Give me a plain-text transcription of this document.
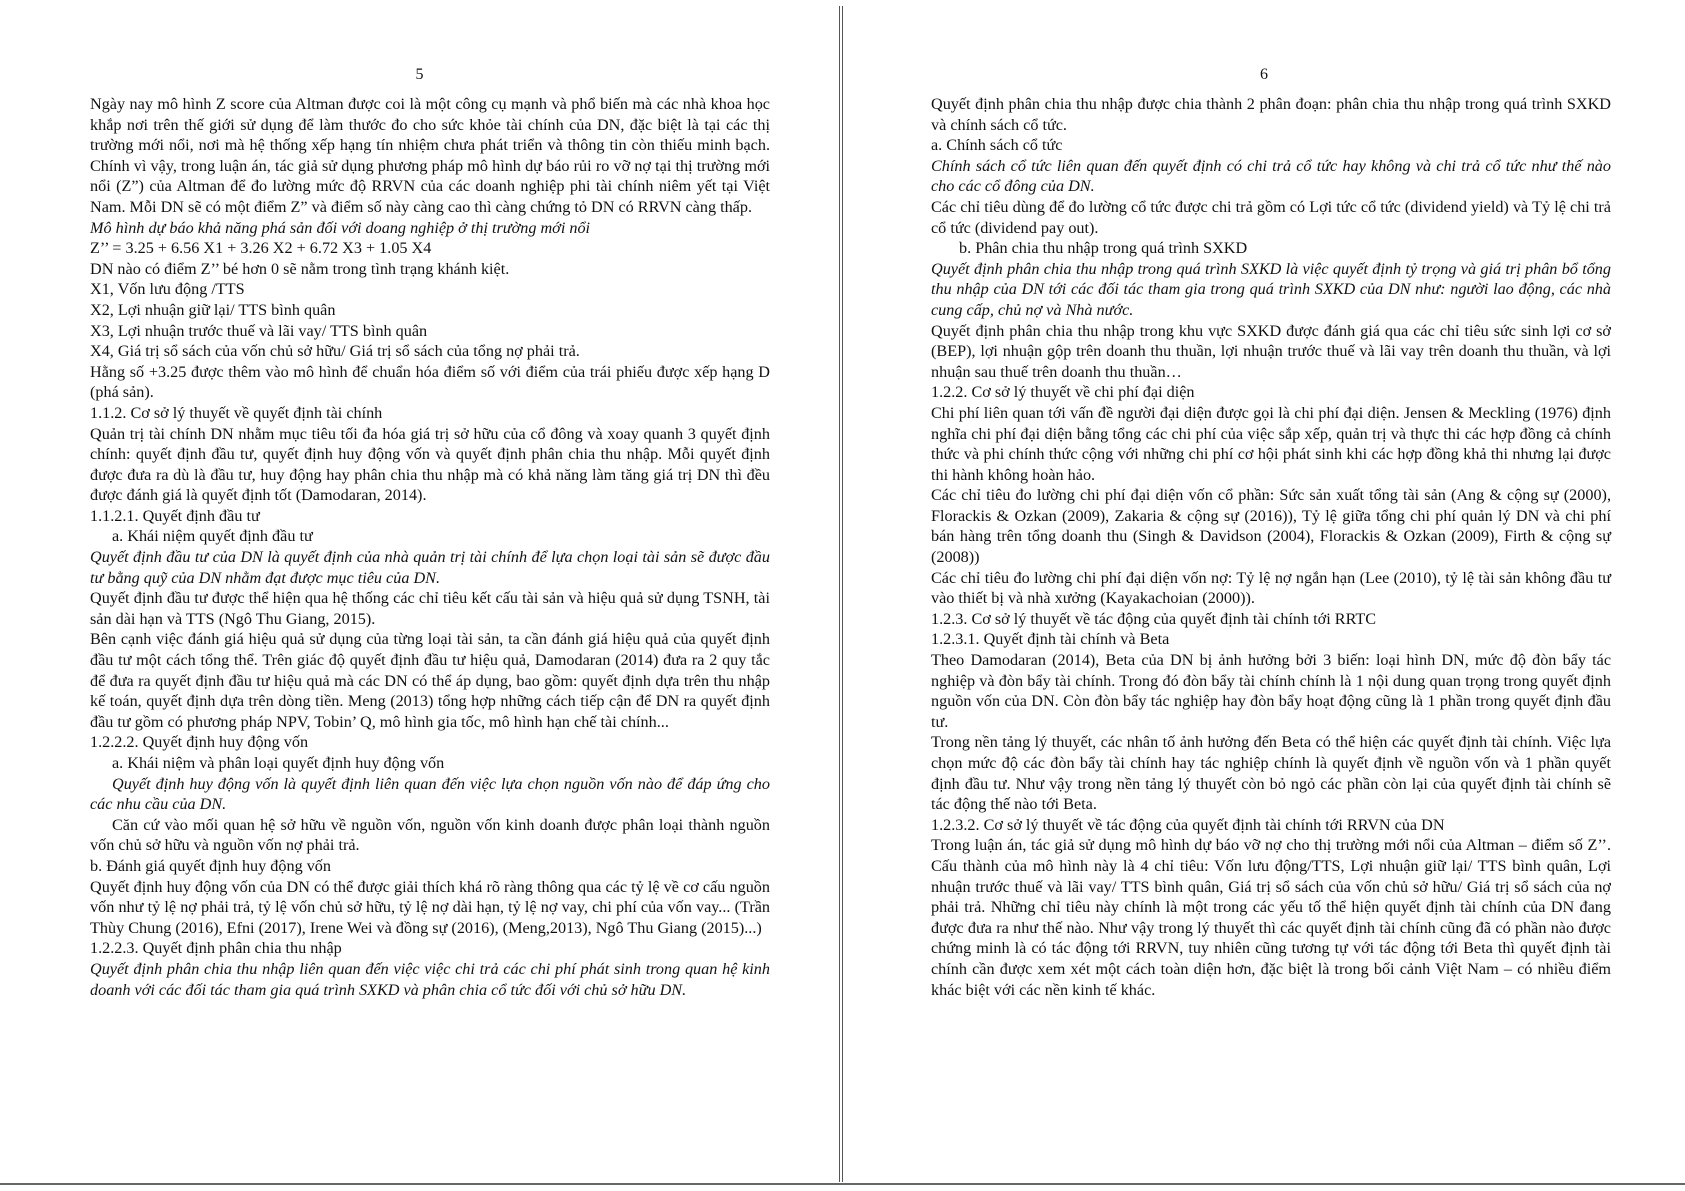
5

Ngày nay mô hình Z score của Altman được coi là một công cụ mạnh và phổ biến mà các nhà khoa học khắp nơi trên thế giới sử dụng để làm thước đo cho sức khỏe tài chính của DN, đặc biệt là tại các thị trường mới nổi, nơi mà hệ thống xếp hạng tín nhiệm chưa phát triển và thông tin còn thiếu minh bạch. Chính vì vậy, trong luận án, tác giả sử dụng phương pháp mô hình dự báo rủi ro vỡ nợ tại thị trường mới nổi (Z”) của Altman để đo lường mức độ RRVN của các doanh nghiệp phi tài chính niêm yết tại Việt Nam. Mỗi DN sẽ có một điểm Z” và điểm số này càng cao thì càng chứng tỏ DN có RRVN càng thấp.

Mô hình dự báo khả năng phá sản đối với doang nghiệp ở thị trường mới nổi

Z’’ = 3.25 + 6.56 X1 + 3.26 X2 + 6.72 X3 + 1.05 X4

DN nào có điểm Z’’ bé hơn 0 sẽ nằm trong tình trạng khánh kiệt.

X1, Vốn lưu động /TTS

X2, Lợi nhuận giữ lại/ TTS bình quân

X3, Lợi nhuận trước thuế và lãi vay/ TTS bình quân

X4, Giá trị sổ sách của vốn chủ sở hữu/ Giá trị sổ sách của tổng nợ phải trả.

Hằng số +3.25 được thêm vào mô hình để chuẩn hóa điểm số với điểm của trái phiếu được xếp hạng D (phá sản).

1.1.2. Cơ sở lý thuyết về quyết định tài chính

Quản trị tài chính DN nhằm mục tiêu tối đa hóa giá trị sở hữu của cổ đông và xoay quanh 3 quyết định chính: quyết định đầu tư, quyết định huy động vốn và quyết định phân chia thu nhập. Mỗi quyết định được đưa ra dù là đầu tư, huy động hay phân chia thu nhập mà có khả năng làm tăng giá trị DN thì đều được đánh giá là quyết định tốt (Damodaran, 2014).

1.1.2.1. Quyết định đầu tư

a. Khái niệm quyết định đầu tư

Quyết định đầu tư của DN là quyết định của nhà quản trị tài chính để lựa chọn loại tài sản sẽ được đầu tư bằng quỹ của DN nhằm đạt được mục tiêu của DN.

Quyết định đầu tư được thể hiện qua hệ thống các chỉ tiêu kết cấu tài sản và hiệu quả sử dụng TSNH, tài sản dài hạn và TTS (Ngô Thu Giang, 2015).

Bên cạnh việc đánh giá hiệu quả sử dụng của từng loại tài sản, ta cần đánh giá hiệu quả của quyết định đầu tư một cách tổng thể. Trên giác độ quyết định đầu tư hiệu quả, Damodaran (2014) đưa ra 2 quy tắc để đưa ra quyết định đầu tư hiệu quả mà các DN có thể áp dụng, bao gồm: quyết định dựa trên thu nhập kế toán, quyết định dựa trên dòng tiền. Meng (2013) tổng hợp những cách tiếp cận để DN ra quyết định đầu tư gồm có phương pháp NPV, Tobin’ Q, mô hình gia tốc, mô hình hạn chế tài chính...

1.2.2.2. Quyết định huy động vốn

a. Khái niệm và phân loại quyết định huy động vốn

Quyết định huy động vốn là quyết định liên quan đến việc lựa chọn nguồn vốn nào để đáp ứng cho các nhu cầu của DN.

Căn cứ vào mối quan hệ sở hữu về nguồn vốn, nguồn vốn kinh doanh được phân loại thành nguồn vốn chủ sở hữu và nguồn vốn nợ phải trả.

b. Đánh giá quyết định huy động vốn

Quyết định huy động vốn của DN có thể được giải thích khá rõ ràng thông qua các tỷ lệ về cơ cấu nguồn vốn như tỷ lệ nợ phải trả, tỷ lệ vốn chủ sở hữu, tỷ lệ nợ dài hạn, tỷ lệ nợ vay, chi phí của vốn vay... (Trần Thùy Chung (2016), Efni (2017), Irene Wei và đồng sự (2016), (Meng,2013), Ngô Thu Giang (2015)...)

1.2.2.3. Quyết định phân chia thu nhập

Quyết định phân chia thu nhập liên quan đến việc việc chi trả các chi phí phát sinh trong quan hệ kinh doanh với các đối tác tham gia quá trình SXKD và phân chia cổ tức đối với chủ sở hữu DN.

6

Quyết định phân chia thu nhập được chia thành 2 phân đoạn: phân chia thu nhập trong quá trình SXKD và chính sách cổ tức.

a. Chính sách cổ tức

Chính sách cổ tức liên quan đến quyết định có chi trả cổ tức hay không và chi trả cổ tức như thế nào cho các cổ đông của DN.

Các chỉ tiêu dùng để đo lường cổ tức được chi trả gồm có Lợi tức cổ tức (dividend yield) và Tỷ lệ chi trả cổ tức (dividend pay out).

b. Phân chia thu nhập trong quá trình SXKD

Quyết định phân chia thu nhập trong quá trình SXKD là việc quyết định tỷ trọng và giá trị phân bổ tổng thu nhập của DN tới các đối tác tham gia trong quá trình SXKD của DN như: người lao động, các nhà cung cấp, chủ nợ và Nhà nước.

Quyết định phân chia thu nhập trong khu vực SXKD được đánh giá qua các chỉ tiêu sức sinh lợi cơ sở (BEP), lợi nhuận gộp trên doanh thu thuần, lợi nhuận trước thuế và lãi vay trên doanh thu thuần, và lợi nhuận sau thuế trên doanh thu thuần…

1.2.2. Cơ sở lý thuyết về chi phí đại diện

Chi phí liên quan tới vấn đề người đại diện được gọi là chi phí đại diện. Jensen & Meckling (1976) định nghĩa chi phí đại diện bằng tổng các chi phí của việc sắp xếp, quản trị và thực thi các hợp đồng cả chính thức và phi chính thức cộng với những chi phí cơ hội phát sinh khi các hợp đồng khả thi nhưng lại được thi hành không hoàn hảo.

Các chỉ tiêu đo lường chi phí đại diện vốn cổ phần: Sức sản xuất tổng tài sản (Ang & cộng sự (2000), Florackis & Ozkan (2009), Zakaria & cộng sự (2016)), Tỷ lệ giữa tổng chi phí quản lý DN và chi phí bán hàng trên tổng doanh thu (Singh & Davidson (2004), Florackis & Ozkan (2009), Firth & cộng sự (2008))

Các chỉ tiêu đo lường chi phí đại diện vốn nợ: Tỷ lệ nợ ngắn hạn (Lee (2010), tỷ lệ tài sản không đầu tư vào thiết bị và nhà xưởng (Kayakachoian (2000)).

1.2.3. Cơ sở lý thuyết về tác động của quyết định tài chính tới RRTC

1.2.3.1. Quyết định tài chính và Beta

Theo Damodaran (2014), Beta của DN bị ảnh hưởng bởi 3 biến: loại hình DN, mức độ đòn bẩy tác nghiệp và đòn bẩy tài chính. Trong đó đòn bẩy tài chính chính là 1 nội dung quan trọng trong quyết định nguồn vốn của DN. Còn đòn bẩy tác nghiệp hay đòn bẩy hoạt động cũng là 1 phần trong quyết định đầu tư.

Trong nền tảng lý thuyết, các nhân tố ảnh hưởng đến Beta có thể hiện các quyết định tài chính. Việc lựa chọn mức độ các đòn bẩy tài chính hay tác nghiệp chính là quyết định về nguồn vốn và 1 phần quyết định đầu tư. Như vậy trong nền tảng lý thuyết còn bỏ ngỏ các phần còn lại của quyết định tài chính sẽ tác động thế nào tới Beta.

1.2.3.2. Cơ sở lý thuyết về tác động của quyết định tài chính tới RRVN của DN

Trong luận án, tác giả sử dụng mô hình dự báo vỡ nợ cho thị trường mới nổi của Altman – điểm số Z’’. Cấu thành của mô hình này là 4 chỉ tiêu: Vốn lưu động/TTS, Lợi nhuận giữ lại/ TTS bình quân, Lợi nhuận trước thuế và lãi vay/ TTS bình quân, Giá trị sổ sách của vốn chủ sở hữu/ Giá trị sổ sách của nợ phải trả. Những chỉ tiêu này chính là một trong các yếu tố thể hiện quyết định tài chính của DN đang được đưa ra như thế nào. Như vậy trong lý thuyết thì các quyết định tài chính cũng đã có phần nào được chứng minh là có tác động tới RRVN, tuy nhiên cũng tương tự với tác động tới Beta thì quyết định tài chính cần được xem xét một cách toàn diện hơn, đặc biệt là trong bối cảnh Việt Nam – có nhiều điểm khác biệt với các nền kinh tế khác.
